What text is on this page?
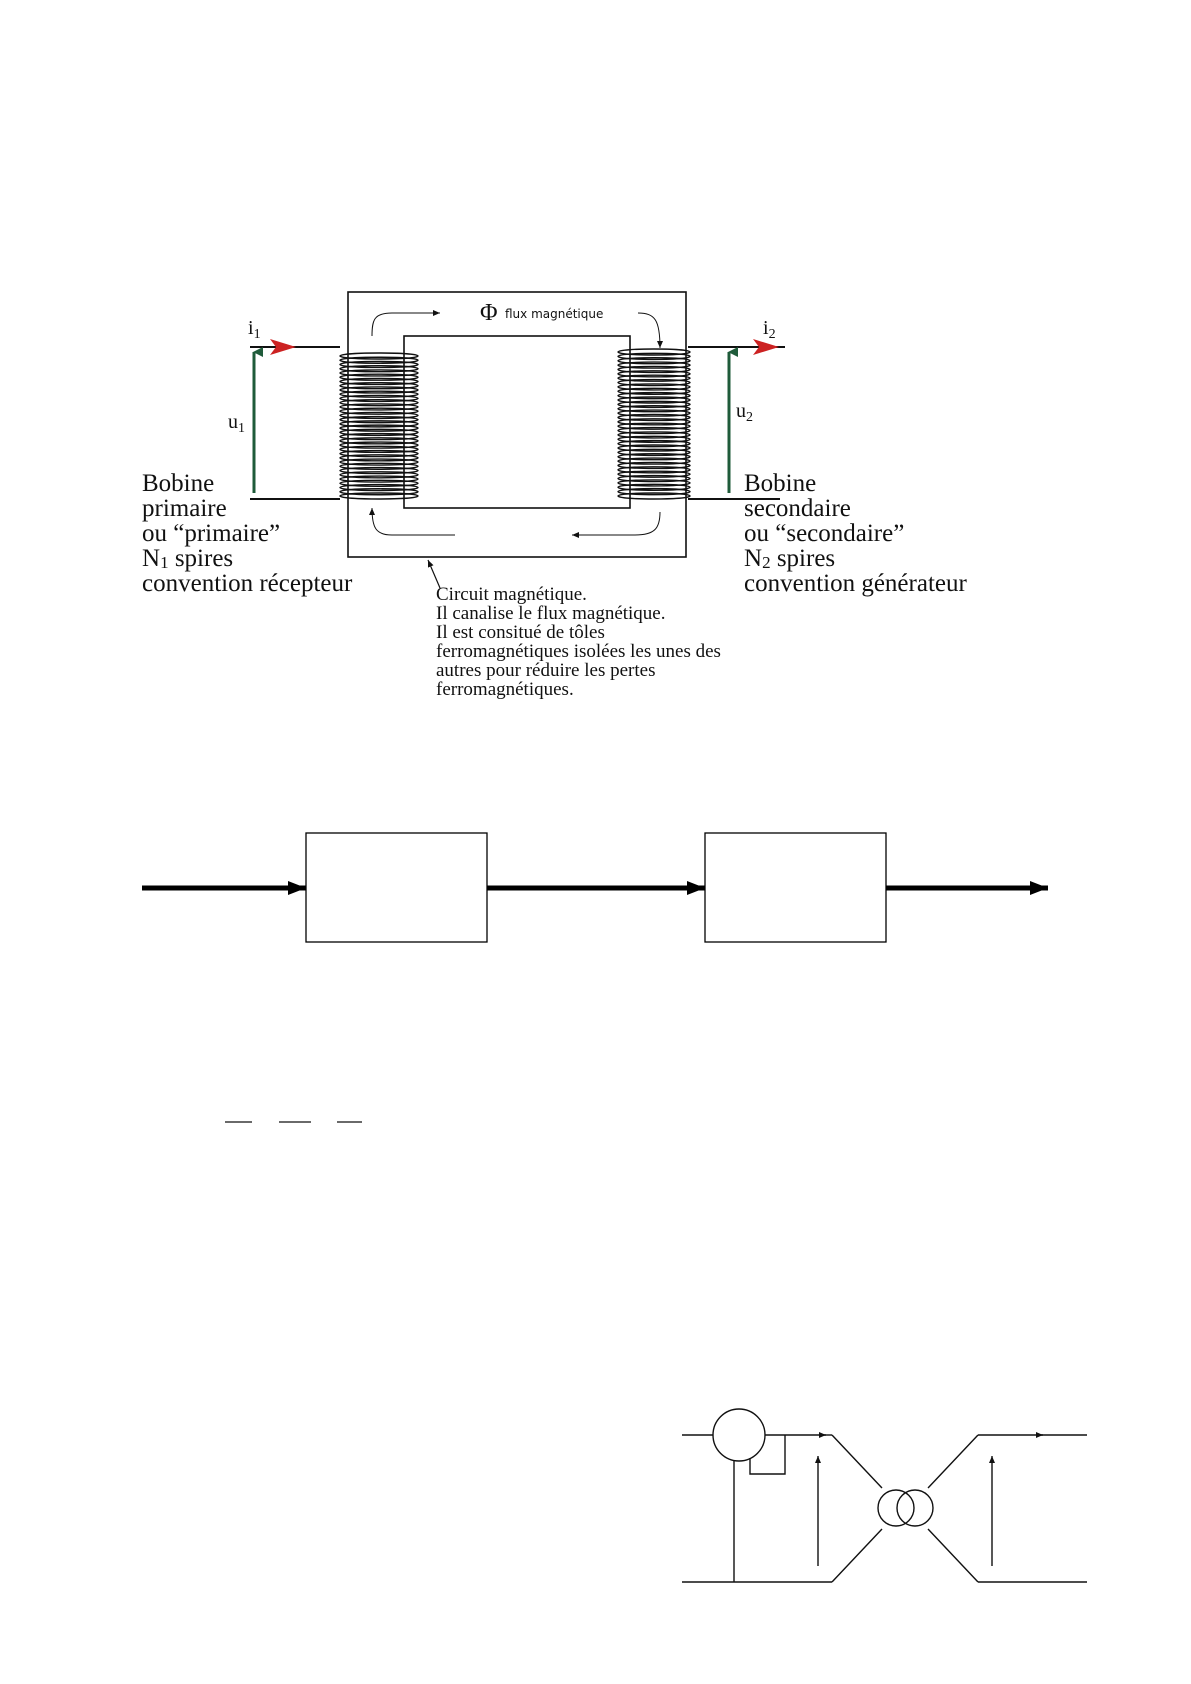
Φ flux magnétique
$i_1$	$i_2$
$u_1$
$u_2$
Bobine
primaire
ou “primaire”
N1 spires
convention récepteur
Bobine
secondaire
ou “secondaire”
N2 spires
convention générateur
Circuit magnétique.
Il canalise le flux magnétique.
Il est consitué de tôles
ferromagnétiques isolées les unes des
autres pour réduire les pertes
ferromagnétiques.
